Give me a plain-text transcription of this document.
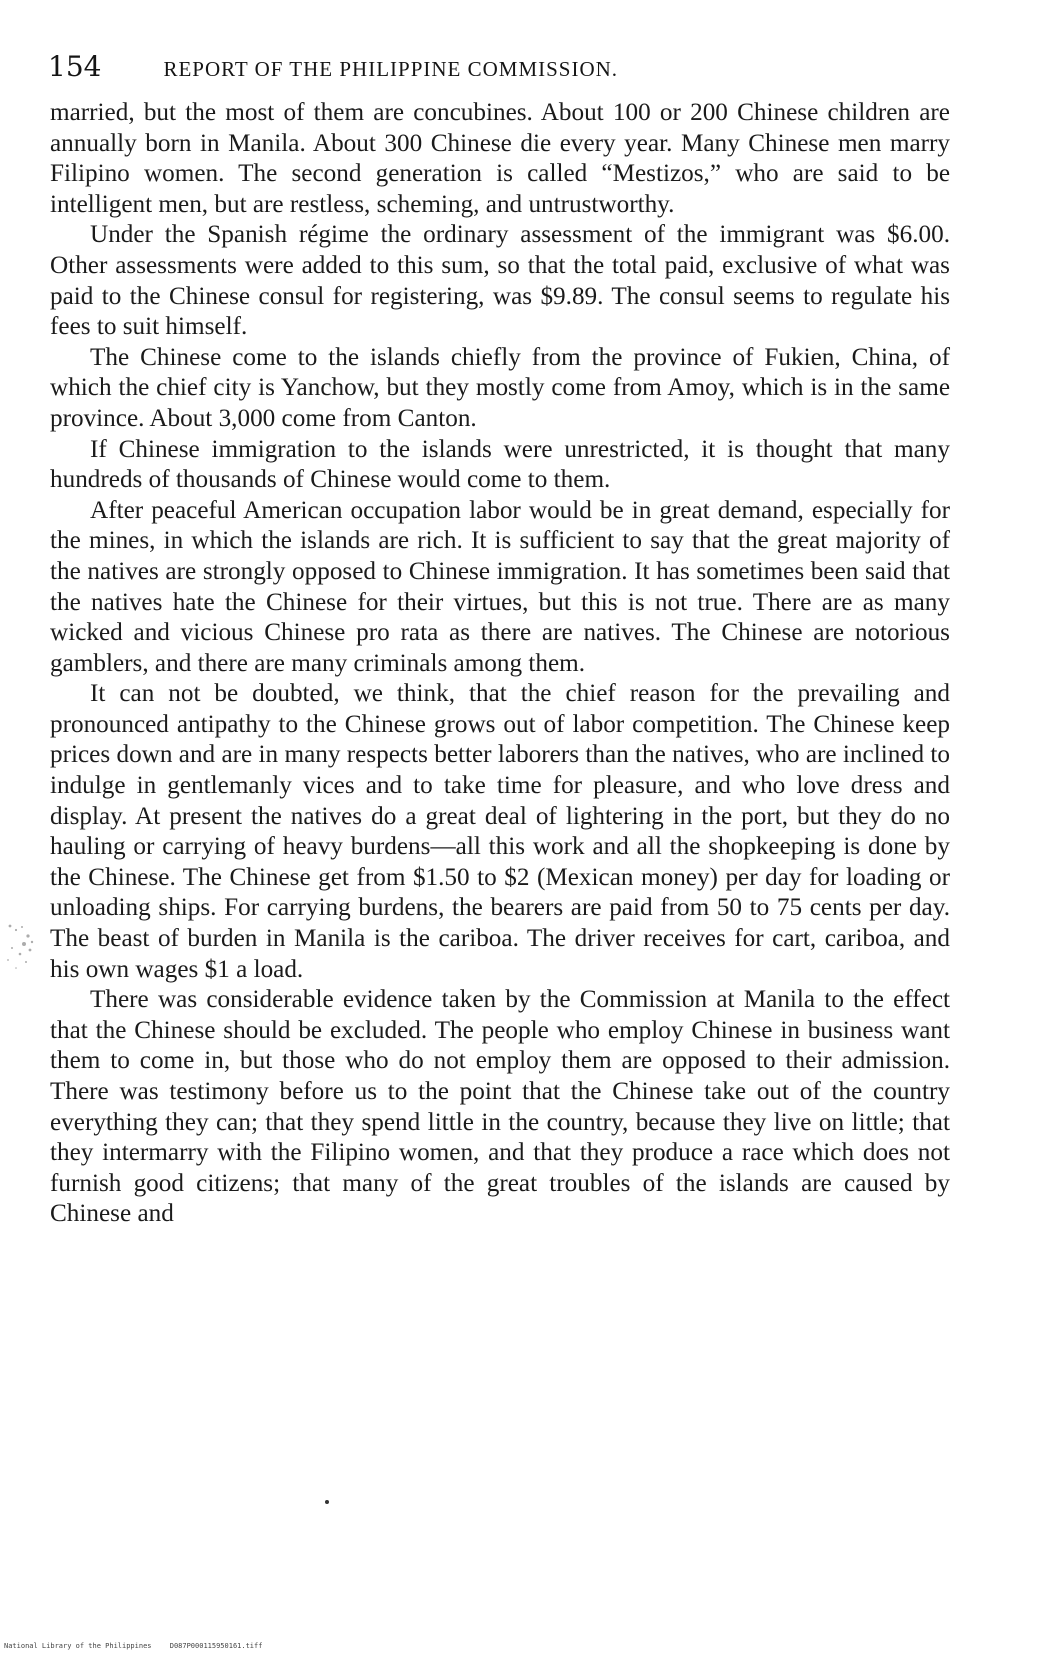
154	REPORT OF THE PHILIPPINE COMMISSION.

married, but the most of them are concubines. About 100 or 200 Chinese children are annually born in Manila. About 300 Chinese die every year. Many Chinese men marry Filipino women. The second generation is called “Mestizos,” who are said to be intelligent men, but are restless, scheming, and untrustworthy.

Under the Spanish régime the ordinary assessment of the immigrant was $6.00. Other assessments were added to this sum, so that the total paid, exclusive of what was paid to the Chinese consul for registering, was $9.89. The consul seems to regulate his fees to suit himself.

The Chinese come to the islands chiefly from the province of Fukien, China, of which the chief city is Yanchow, but they mostly come from Amoy, which is in the same province. About 3,000 come from Canton.

If Chinese immigration to the islands were unrestricted, it is thought that many hundreds of thousands of Chinese would come to them.

After peaceful American occupation labor would be in great demand, especially for the mines, in which the islands are rich. It is sufficient to say that the great majority of the natives are strongly opposed to Chinese immigration. It has sometimes been said that the natives hate the Chinese for their virtues, but this is not true. There are as many wicked and vicious Chinese pro rata as there are natives. The Chinese are notorious gamblers, and there are many criminals among them.

It can not be doubted, we think, that the chief reason for the prevailing and pronounced antipathy to the Chinese grows out of labor competition. The Chinese keep prices down and are in many respects better laborers than the natives, who are inclined to indulge in gentlemanly vices and to take time for pleasure, and who love dress and display. At present the natives do a great deal of lightering in the port, but they do no hauling or carrying of heavy burdens—all this work and all the shopkeeping is done by the Chinese. The Chinese get from $1.50 to $2 (Mexican money) per day for loading or unloading ships. For carrying burdens, the bearers are paid from 50 to 75 cents per day. The beast of burden in Manila is the cariboa. The driver receives for cart, cariboa, and his own wages $1 a load.

There was considerable evidence taken by the Commission at Manila to the effect that the Chinese should be excluded. The people who employ Chinese in business want them to come in, but those who do not employ them are opposed to their admission. There was testimony before us to the point that the Chinese take out of the country everything they can; that they spend little in the country, because they live on little; that they intermarry with the Filipino women, and that they produce a race which does not furnish good citizens; that many of the great troubles of the islands are caused by Chinese and

National Library of the Philippines	D087P000115950161.tiff
